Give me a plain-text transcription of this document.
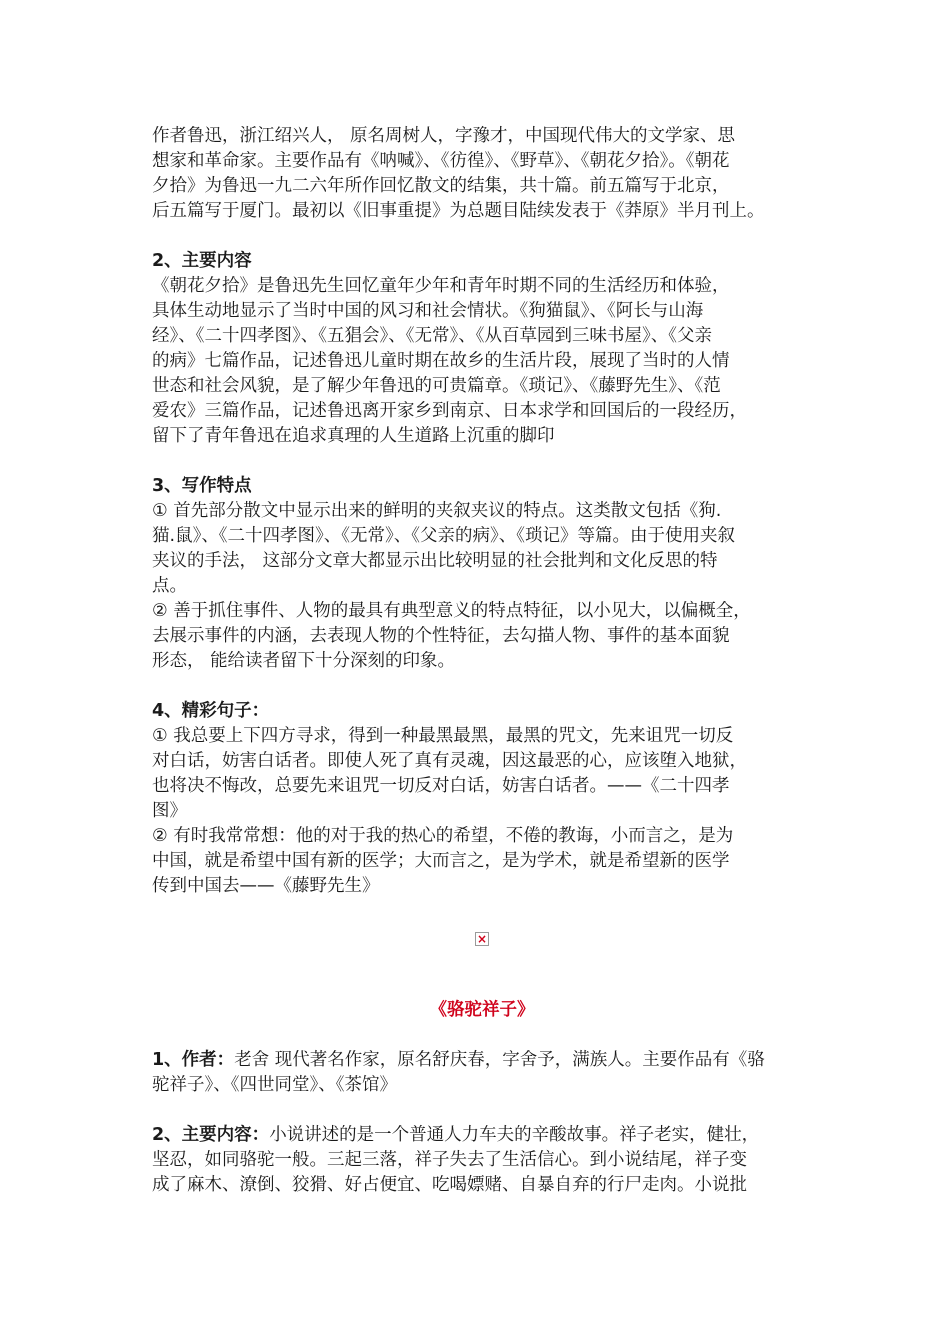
作者鲁迅，浙江绍兴人， 原名周树人，字豫才，中国现代伟大的文学家、思

想家和革命家。主要作品有《呐喊》、《彷徨》、《野草》、《朝花夕拾》。《朝花

夕拾》为鲁迅一九二六年所作回忆散文的结集，共十篇。前五篇写于北京，

后五篇写于厦门。最初以《旧事重提》为总题目陆续发表于《莽原》半月刊上。

2、主要内容

《朝花夕拾》是鲁迅先生回忆童年少年和青年时期不同的生活经历和体验，

具体生动地显示了当时中国的风习和社会情状。《狗猫鼠》、《阿长与山海

经》、《二十四孝图》、《五猖会》、《无常》、《从百草园到三味书屋》、《父亲

的病》七篇作品，记述鲁迅儿童时期在故乡的生活片段，展现了当时的人情

世态和社会风貌，是了解少年鲁迅的可贵篇章。《琐记》、《藤野先生》、《范

爱农》三篇作品，记述鲁迅离开家乡到南京、日本求学和回国后的一段经历，

留下了青年鲁迅在追求真理的人生道路上沉重的脚印

3、写作特点

① 首先部分散文中显示出来的鲜明的夹叙夹议的特点。这类散文包括《狗.

猫.鼠》、《二十四孝图》、《无常》、《父亲的病》、《琐记》等篇。由于使用夹叙

夹议的手法， 这部分文章大都显示出比较明显的社会批判和文化反思的特

点。

② 善于抓住事件、人物的最具有典型意义的特点特征，以小见大，以偏概全，

去展示事件的内涵，去表现人物的个性特征，去勾描人物、事件的基本面貌

形态， 能给读者留下十分深刻的印象。

4、精彩句子：

① 我总要上下四方寻求，得到一种最黑最黑，最黑的咒文，先来诅咒一切反

对白话，妨害白话者。即使人死了真有灵魂，因这最恶的心，应该堕入地狱，

也将决不悔改，总要先来诅咒一切反对白话，妨害白话者。——《二十四孝

图》

② 有时我常常想：他的对于我的热心的希望，不倦的教诲，小而言之，是为

中国，就是希望中国有新的医学；大而言之，是为学术，就是希望新的医学

传到中国去——《藤野先生》

×

《骆驼祥子》

1、作者：老舍 现代著名作家，原名舒庆春，字舍予，满族人。主要作品有《骆

驼祥子》、《四世同堂》、《茶馆》

2、主要内容：小说讲述的是一个普通人力车夫的辛酸故事。祥子老实，健壮，

坚忍，如同骆驼一般。三起三落，祥子失去了生活信心。到小说结尾，祥子变

成了麻木、潦倒、狡猾、好占便宜、吃喝嫖赌、自暴自弃的行尸走肉。小说批
